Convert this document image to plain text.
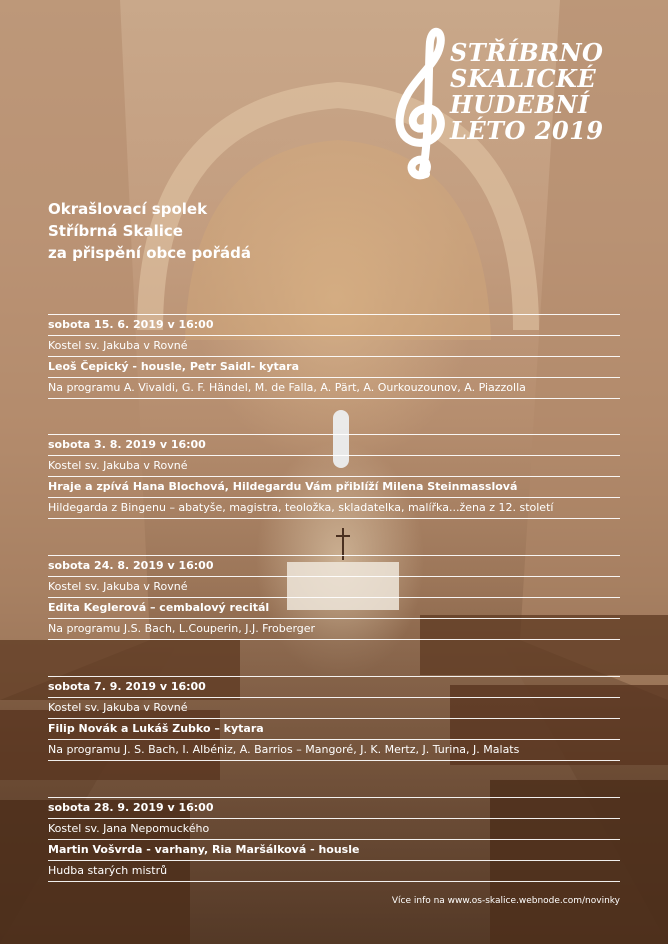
STŘÍBRNO
SKALICKÉ
HUDEBNÍ
LÉTO 2019

Okrašlovací spolek
Stříbrná Skalice
za přispění obce pořádá

sobota 15. 6. 2019 v 16:00
Kostel sv. Jakuba v Rovné
Leoš Čepický - housle, Petr Saidl- kytara
Na programu A. Vivaldi, G. F. Händel, M. de Falla, A. Pärt, A. Ourkouzounov, A. Piazzolla
sobota 3. 8. 2019 v 16:00
Kostel sv. Jakuba v Rovné
Hraje a zpívá Hana Blochová, Hildegardu Vám přiblíží Milena Steinmasslová
Hildegarda z Bingenu – abatyše, magistra, teoložka, skladatelka, malířka...žena z 12. století
sobota 24. 8. 2019 v 16:00
Kostel sv. Jakuba v Rovné
Edita Keglerová – cembalový recitál
Na programu J.S. Bach, L.Couperin, J.J. Froberger
sobota 7. 9. 2019 v 16:00
Kostel sv. Jakuba v Rovné
Filip Novák a Lukáš Zubko – kytara
Na programu J. S. Bach, I. Albéniz, A. Barrios – Mangoré, J. K. Mertz, J. Turina, J. Malats
sobota 28. 9. 2019 v 16:00
Kostel sv. Jana Nepomuckého
Martin Vošvrda - varhany, Ria Maršálková - housle
Hudba starých mistrů

Více info na www.os-skalice.webnode.com/novinky
